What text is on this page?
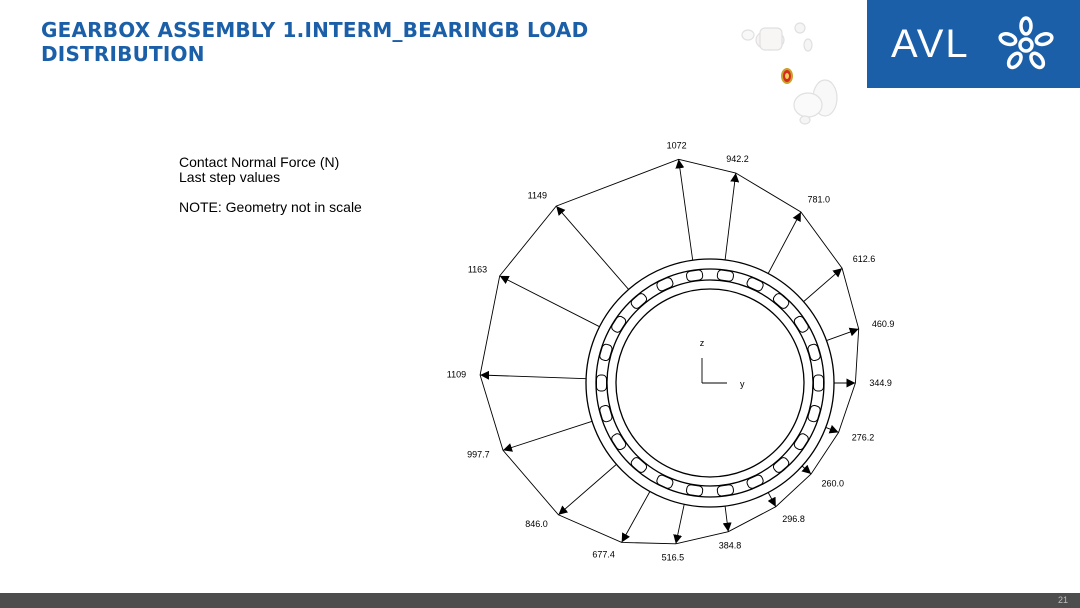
GEARBOX ASSEMBLY 1.INTERM_BEARINGB LOAD
DISTRIBUTION	AVL
Contact Normal Force (N)
Last step values
NOTE: Geometry not in scale
z
y
1072
942.2
781.0
612.6
460.9
344.9
276.2
260.0
296.8
384.8
516.5
677.4
846.0
997.7
1109
1163
1149
21
